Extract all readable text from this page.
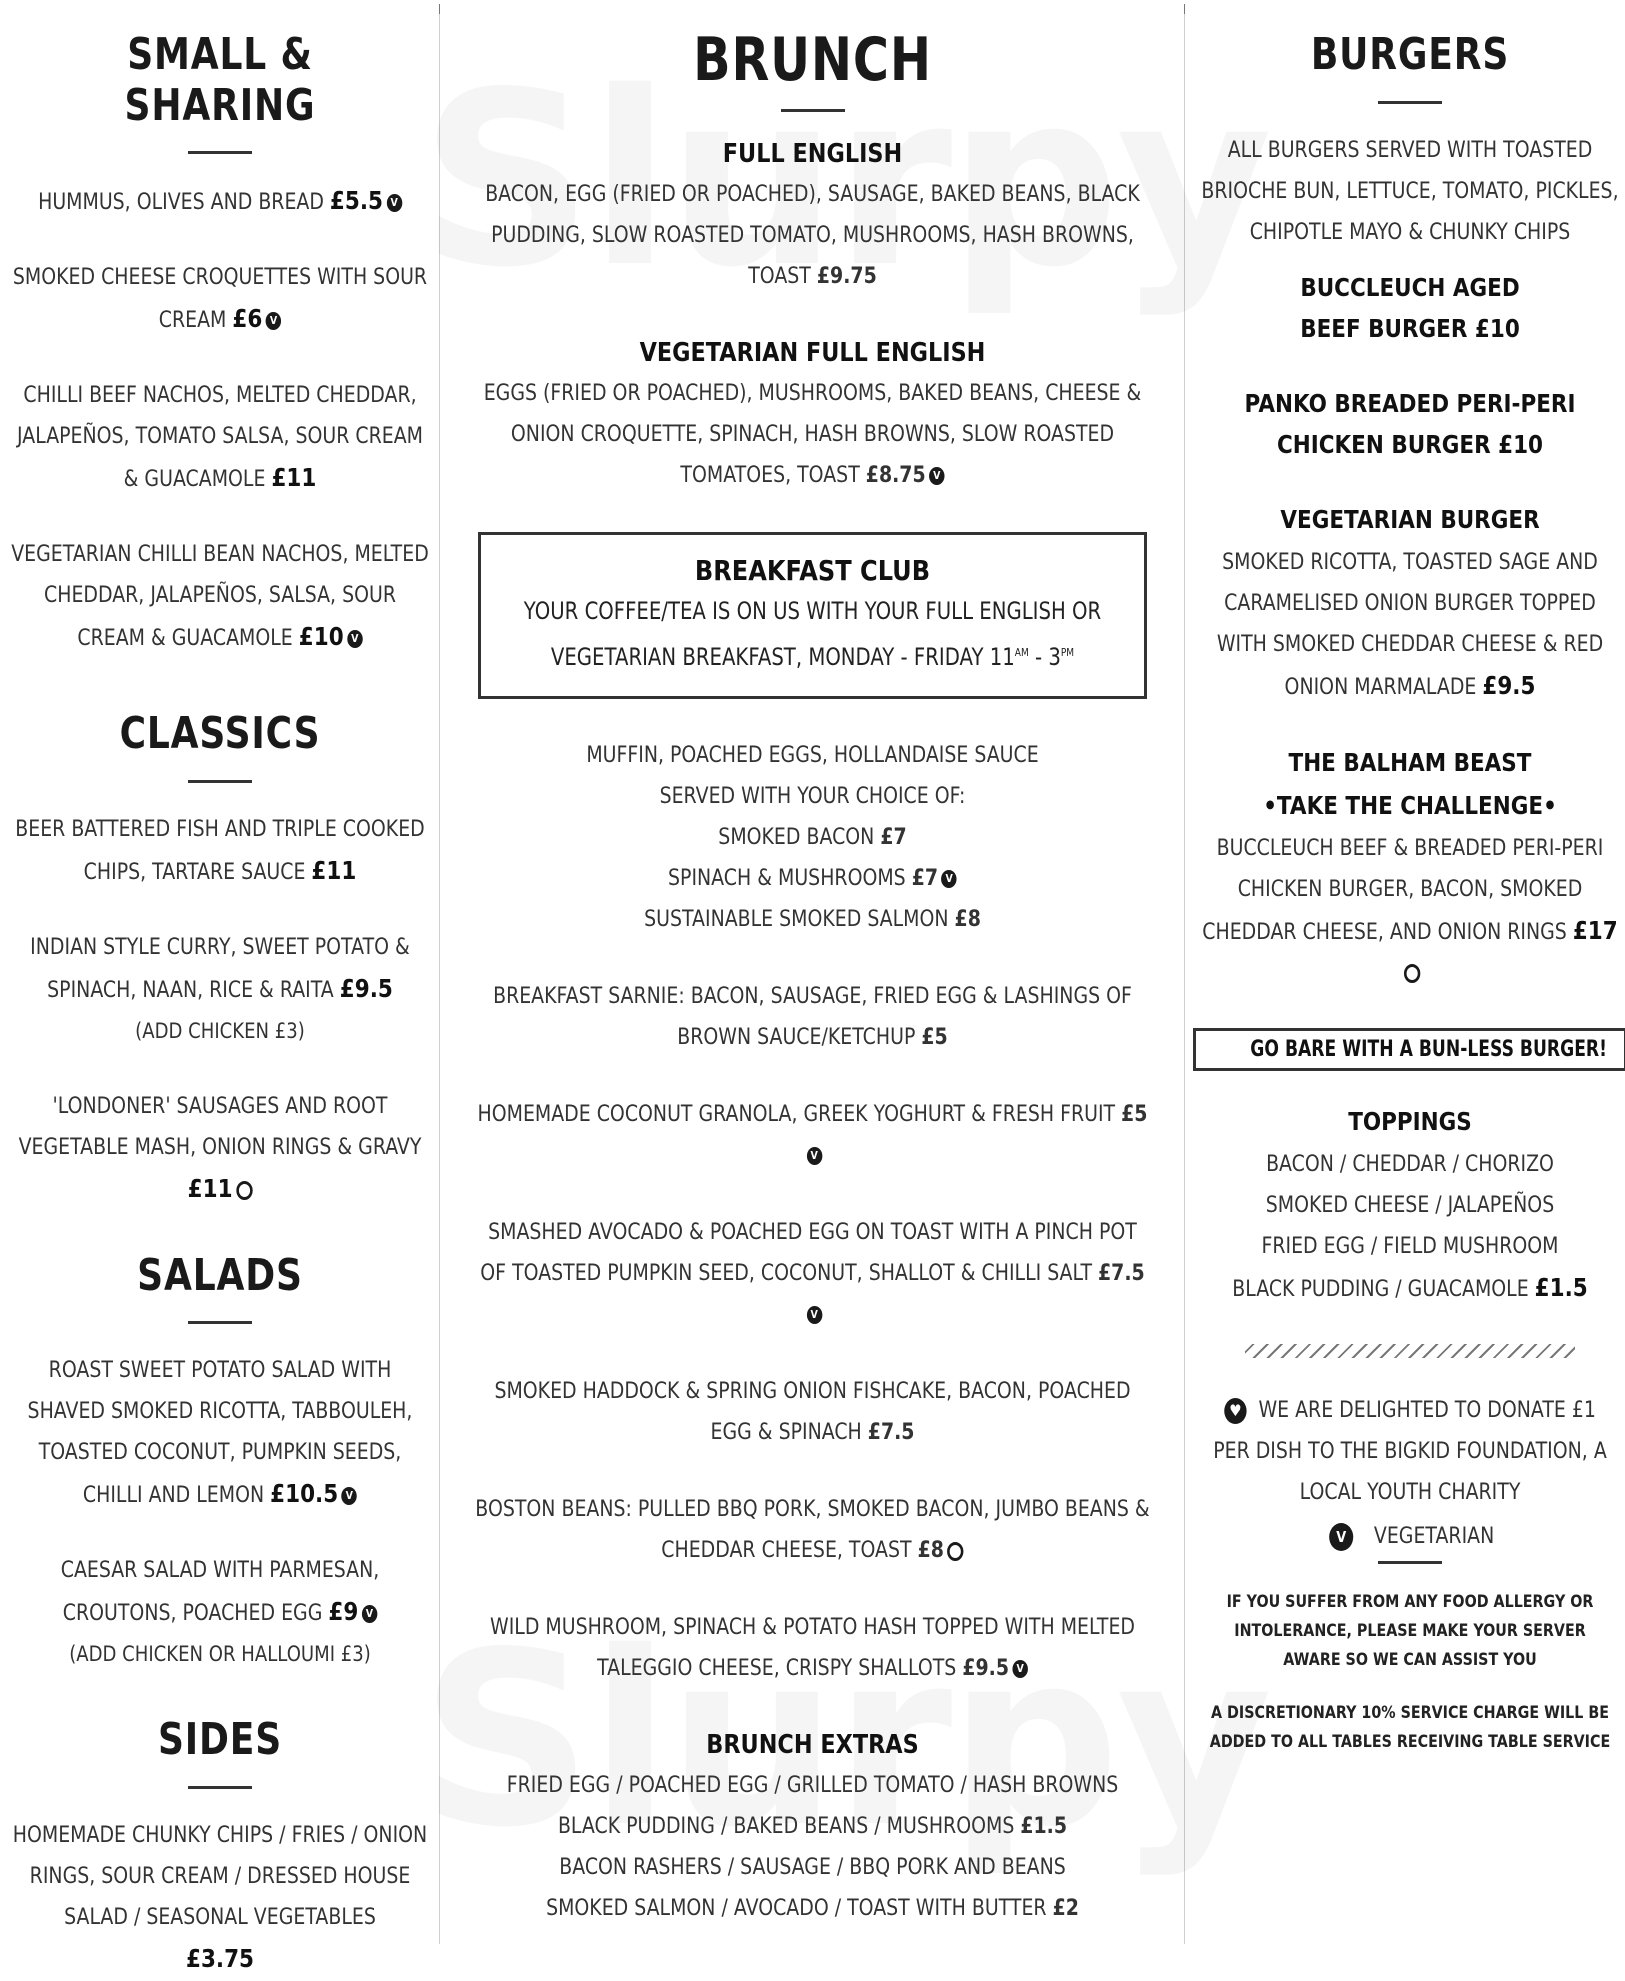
SMALL & SHARING
HUMMUS, OLIVES AND BREAD £5.5 V
SMOKED CHEESE CROQUETTES WITH SOUR CREAM £6 V
CHILLI BEEF NACHOS, MELTED CHEDDAR, JALAPEÑOS, TOMATO SALSA, SOUR CREAM & GUACAMOLE £11
VEGETARIAN CHILLI BEAN NACHOS, MELTED CHEDDAR, JALAPEÑOS, SALSA, SOUR CREAM & GUACAMOLE £10 V
CLASSICS
BEER BATTERED FISH AND TRIPLE COOKED CHIPS, TARTARE SAUCE £11
INDIAN STYLE CURRY, SWEET POTATO & SPINACH, NAAN, RICE & RAITA £9.5
(ADD CHICKEN £3)
'LONDONER' SAUSAGES AND ROOT VEGETABLE MASH, ONION RINGS & GRAVY £11
SALADS
ROAST SWEET POTATO SALAD WITH SHAVED SMOKED RICOTTA, TABBOULEH, TOASTED COCONUT, PUMPKIN SEEDS, CHILLI AND LEMON £10.5 V
CAESAR SALAD WITH PARMESAN, CROUTONS, POACHED EGG £9 V
(ADD CHICKEN OR HALLOUMI £3)
SIDES
HOMEMADE CHUNKY CHIPS / FRIES / ONION RINGS, SOUR CREAM / DRESSED HOUSE SALAD / SEASONAL VEGETABLES
£3.75
BRUNCH
FULL ENGLISH
BACON, EGG (FRIED OR POACHED), SAUSAGE, BAKED BEANS, BLACK PUDDING, SLOW ROASTED TOMATO, MUSHROOMS, HASH BROWNS, TOAST £9.75
VEGETARIAN FULL ENGLISH
EGGS (FRIED OR POACHED), MUSHROOMS, BAKED BEANS, CHEESE & ONION CROQUETTE, SPINACH, HASH BROWNS, SLOW ROASTED TOMATOES, TOAST £8.75 V
BREAKFAST CLUB
YOUR COFFEE/TEA IS ON US WITH YOUR FULL ENGLISH OR
VEGETARIAN BREAKFAST, MONDAY - FRIDAY $11^{AM} - 3^{PM}$
MUFFIN, POACHED EGGS, HOLLANDAISE SAUCE
SERVED WITH YOUR CHOICE OF:
SMOKED BACON £7
SPINACH & MUSHROOMS £7 V
SUSTAINABLE SMOKED SALMON £8
BREAKFAST SARNIE: BACON, SAUSAGE, FRIED EGG & LASHINGS OF BROWN SAUCE/KETCHUP £5
HOMEMADE COCONUT GRANOLA, GREEK YOGHURT & FRESH FRUIT £5V
SMASHED AVOCADO & POACHED EGG ON TOAST WITH A PINCH POT OF TOASTED PUMPKIN SEED, COCONUT, SHALLOT & CHILLI SALT £7.5V
SMOKED HADDOCK & SPRING ONION FISHCAKE, BACON, POACHED EGG & SPINACH £7.5
BOSTON BEANS: PULLED BBQ PORK, SMOKED BACON, JUMBO BEANS & CHEDDAR CHEESE, TOAST £8
WILD MUSHROOM, SPINACH & POTATO HASH TOPPED WITH MELTED TALEGGIO CHEESE, CRISPY SHALLOTS £9.5 V
BRUNCH EXTRAS
FRIED EGG / POACHED EGG / GRILLED TOMATO / HASH BROWNS
BLACK PUDDING / BAKED BEANS / MUSHROOMS £1.5
BACON RASHERS / SAUSAGE / BBQ PORK AND BEANS
SMOKED SALMON / AVOCADO / TOAST WITH BUTTER £2
BURGERS
ALL BURGERS SERVED WITH TOASTED BRIOCHE BUN, LETTUCE, TOMATO, PICKLES, CHIPOTLE MAYO & CHUNKY CHIPS
BUCCLEUCH AGED
BEEF BURGER £10
PANKO BREADED PERI-PERI
CHICKEN BURGER £10
VEGETARIAN BURGER
SMOKED RICOTTA, TOASTED SAGE AND CARAMELISED ONION BURGER TOPPED WITH SMOKED CHEDDAR CHEESE & RED ONION MARMALADE £9.5
THE BALHAM BEAST
•TAKE THE CHALLENGE•
BUCCLEUCH BEEF & BREADED PERI-PERI CHICKEN BURGER, BACON, SMOKED CHEDDAR CHEESE, AND ONION RINGS £17
GO BARE WITH A BUN-LESS BURGER!
TOPPINGS
BACON / CHEDDAR / CHORIZO
SMOKED CHEESE / JALAPEÑOS
FRIED EGG / FIELD MUSHROOM
BLACK PUDDING / GUACAMOLE £1.5
♥WE ARE DELIGHTED TO DONATE £1 PER DISH TO THE BIGKID FOUNDATION, A LOCAL YOUTH CHARITY
V VEGETARIAN
IF YOU SUFFER FROM ANY FOOD ALLERGY OR INTOLERANCE, PLEASE MAKE YOUR SERVER AWARE SO WE CAN ASSIST YOU
A DISCRETIONARY 10% SERVICE CHARGE WILL BE ADDED TO ALL TABLES RECEIVING TABLE SERVICE
